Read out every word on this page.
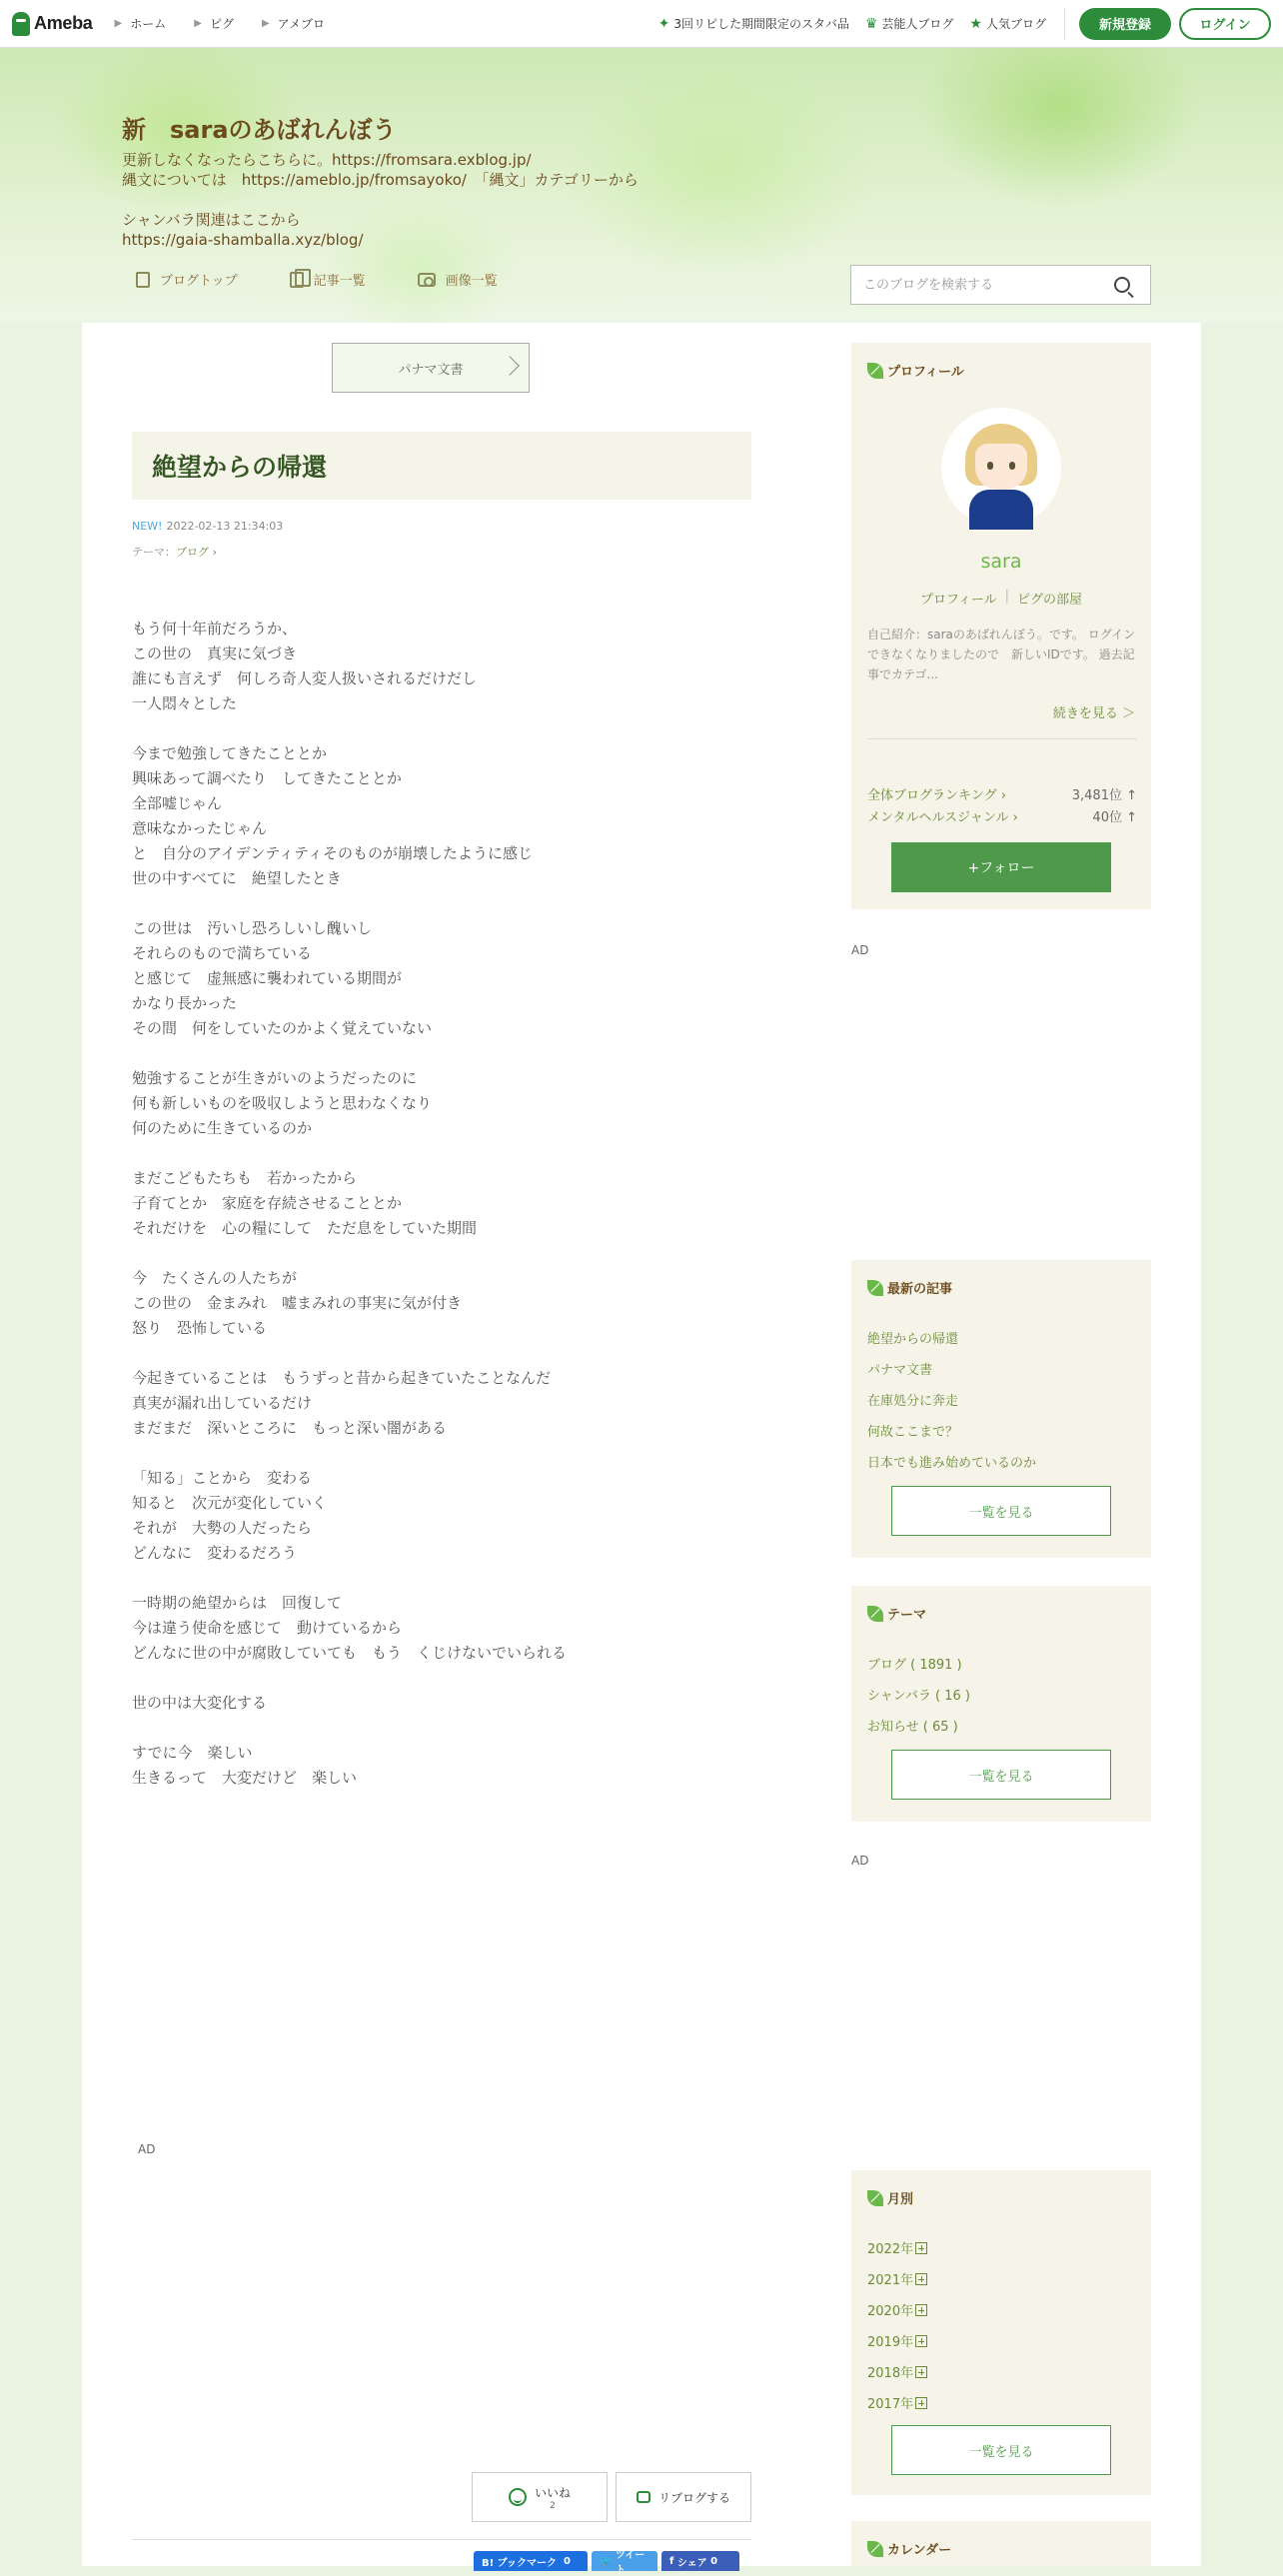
Ameba ▶ ホーム	▶ ピグ	▶ アメブロ	✦ 3回リピした期間限定のスタバ品 ♛ 芸能人ブログ ★ 人気ブログ	新規登録	ログイン
新　saraのあばれんぼう

更新しなくなったらこちらに。https://fromsara.exblog.jp/

縄文については　https://ameblo.jp/fromsayoko/　「縄文」カテゴリーから

シャンバラ関連はここから

https://gaia-shamballa.xyz/blog/

ブログトップ	記事一覧	画像一覧
このブログを検索する
パナマ文書
絶望からの帰還
NEW! 2022-02-13 21:34:03
テーマ：ブログ ›

もう何十年前だろうか、

この世の　真実に気づき

誰にも言えず　何しろ奇人変人扱いされるだけだし

一人悶々とした

今まで勉強してきたこととか

興味あって調べたり　してきたこととか

全部嘘じゃん

意味なかったじゃん

と　自分のアイデンティティそのものが崩壊したように感じ

世の中すべてに　絶望したとき

この世は　汚いし恐ろしいし醜いし

それらのもので満ちている

と感じて　虚無感に襲われている期間が

かなり長かった

その間　何をしていたのかよく覚えていない

勉強することが生きがいのようだったのに

何も新しいものを吸収しようと思わなくなり

何のために生きているのか

まだこどもたちも　若かったから

子育てとか　家庭を存続させることとか

それだけを　心の糧にして　ただ息をしていた期間

今　たくさんの人たちが

この世の　金まみれ　嘘まみれの事実に気が付き

怒り　恐怖している

今起きていることは　もうずっと昔から起きていたことなんだ

真実が漏れ出しているだけ

まだまだ　深いところに　もっと深い闇がある

「知る」ことから　変わる

知ると　次元が変化していく

それが　大勢の人だったら

どんなに　変わるだろう

一時期の絶望からは　回復して

今は違う使命を感じて　動けているから

どんなに世の中が腐敗していても　もう　くじけないでいられる

世の中は大変化する

すでに今　楽しい

生きるって　大変だけど　楽しい

AD
いいね
2
リブログする
B! ブックマーク
0	🐦
ツイート
f
シェア
0
プロフィール
sara
プロフィール | ピグの部屋
自己紹介：saraのあばれんぼう。です。 ログインできなくなりましたので　新しいIDです。 過去記事でカテゴ...
続きを見る ＞
全体ブログランキング ›	3,481位 ↑
メンタルヘルスジャンル ›	40位 ↑
+フォロー
AD
最新の記事
絶望からの帰還
パナマ文書
在庫処分に奔走
何故ここまで？
日本でも進み始めているのか
一覧を見る
テーマ
ブログ ( 1891 )
シャンバラ ( 16 )
お知らせ ( 65 )
一覧を見る
AD
月別
2022年
2021年
2020年
2019年
2018年
2017年
一覧を見る
カレンダー
